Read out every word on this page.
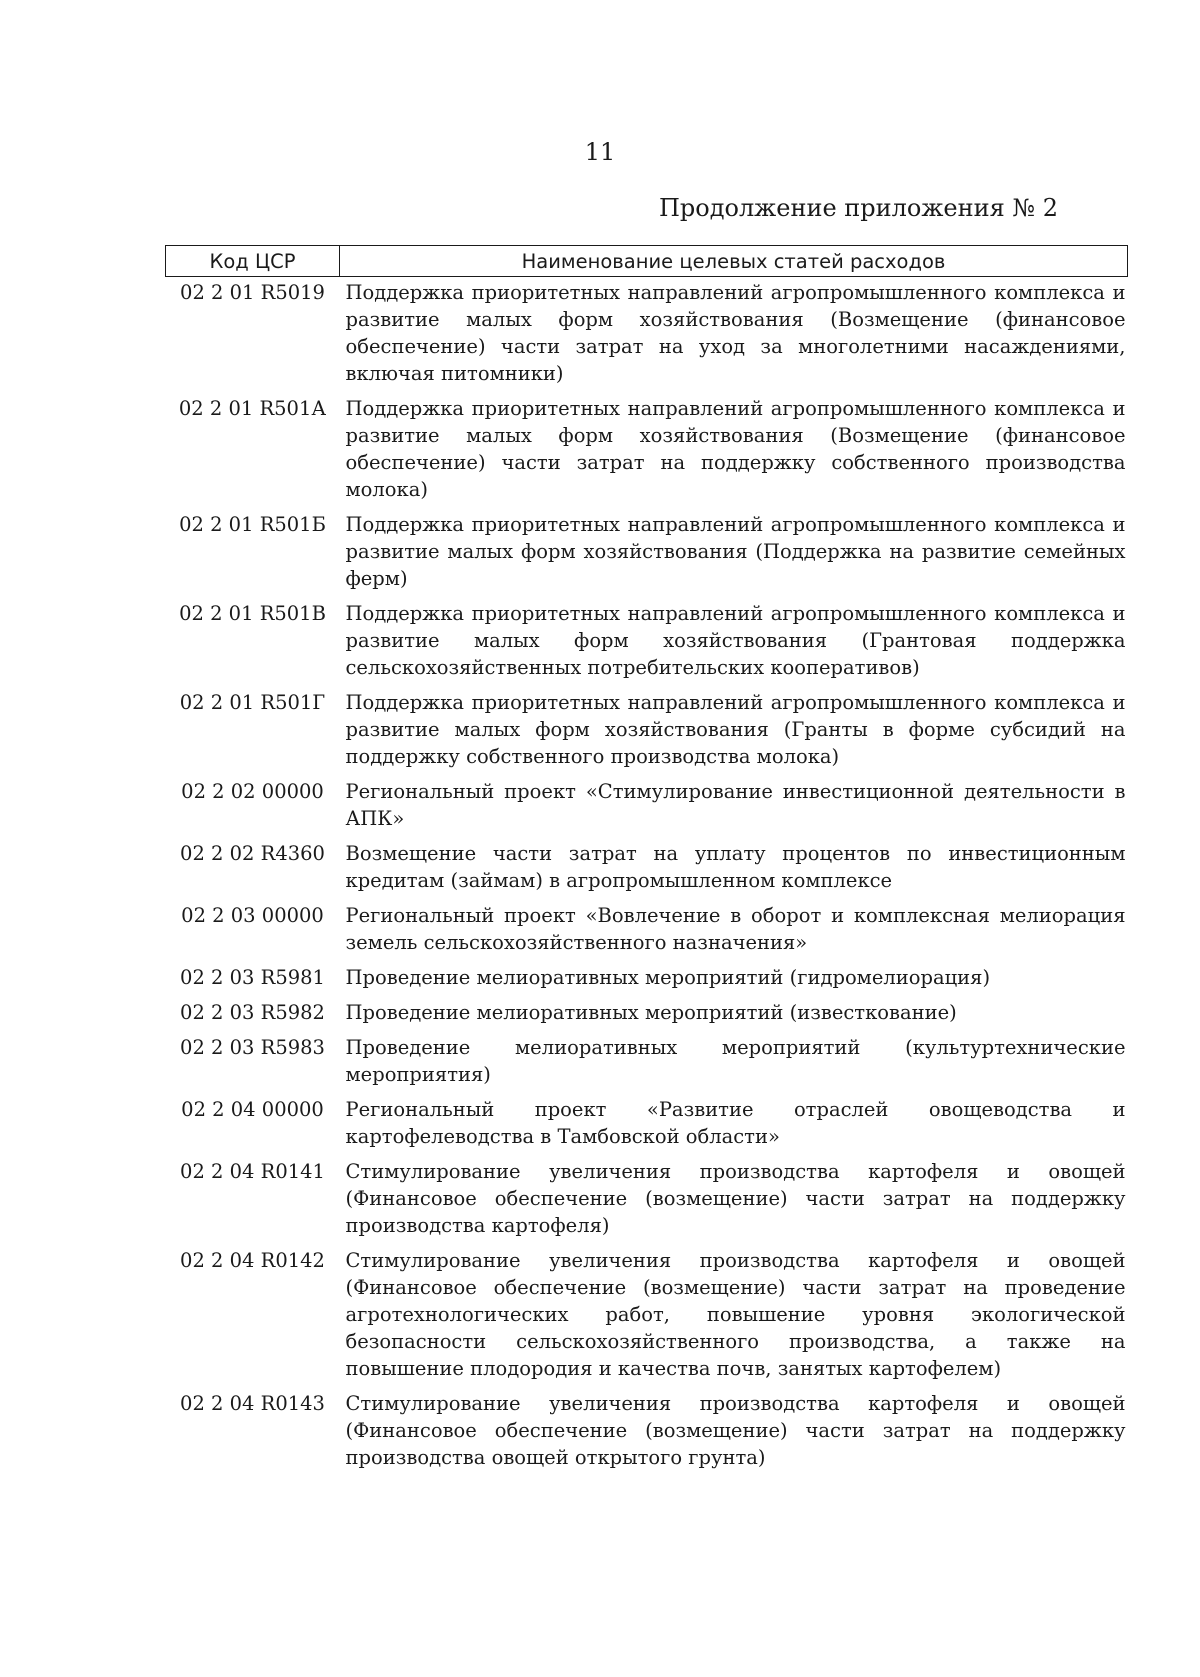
11
Продолжение приложения № 2
Код ЦСР	Наименование целевых статей расходов
02 2 01 R5019	Поддержка приоритетных направлений агропромышленного комплекса и развитие малых форм хозяйствования (Возмещение (финансовое обеспечение) части затрат на уход за многолетними насаждениями, включая питомники)
02 2 01 R501А	Поддержка приоритетных направлений агропромышленного комплекса и развитие малых форм хозяйствования (Возмещение (финансовое обеспечение) части затрат на поддержку собственного производства молока)
02 2 01 R501Б	Поддержка приоритетных направлений агропромышленного комплекса и развитие малых форм хозяйствования (Поддержка на развитие семейных ферм)
02 2 01 R501В	Поддержка приоритетных направлений агропромышленного комплекса и развитие малых форм хозяйствования (Грантовая поддержка сельскохозяйственных потребительских кооперативов)
02 2 01 R501Г	Поддержка приоритетных направлений агропромышленного комплекса и развитие малых форм хозяйствования (Гранты в форме субсидий на поддержку собственного производства молока)
02 2 02 00000	Региональный проект «Стимулирование инвестиционной деятельности в АПК»
02 2 02 R4360	Возмещение части затрат на уплату процентов по инвестиционным кредитам (займам) в агропромышленном комплексе
02 2 03 00000	Региональный проект «Вовлечение в оборот и комплексная мелиорация земель сельскохозяйственного назначения»
02 2 03 R5981	Проведение мелиоративных мероприятий (гидромелиорация)
02 2 03 R5982	Проведение мелиоративных мероприятий (известкование)
02 2 03 R5983	Проведение мелиоративных мероприятий (культуртехнические мероприятия)
02 2 04 00000	Региональный проект «Развитие отраслей овощеводства и картофелеводства в Тамбовской области»
02 2 04 R0141	Стимулирование увеличения производства картофеля и овощей (Финансовое обеспечение (возмещение) части затрат на поддержку производства картофеля)
02 2 04 R0142	Стимулирование увеличения производства картофеля и овощей (Финансовое обеспечение (возмещение) части затрат на проведение агротехнологических работ, повышение уровня экологической безопасности сельскохозяйственного производства, а также на повышение плодородия и качества почв, занятых картофелем)
02 2 04 R0143	Стимулирование увеличения производства картофеля и овощей (Финансовое обеспечение (возмещение) части затрат на поддержку производства овощей открытого грунта)
